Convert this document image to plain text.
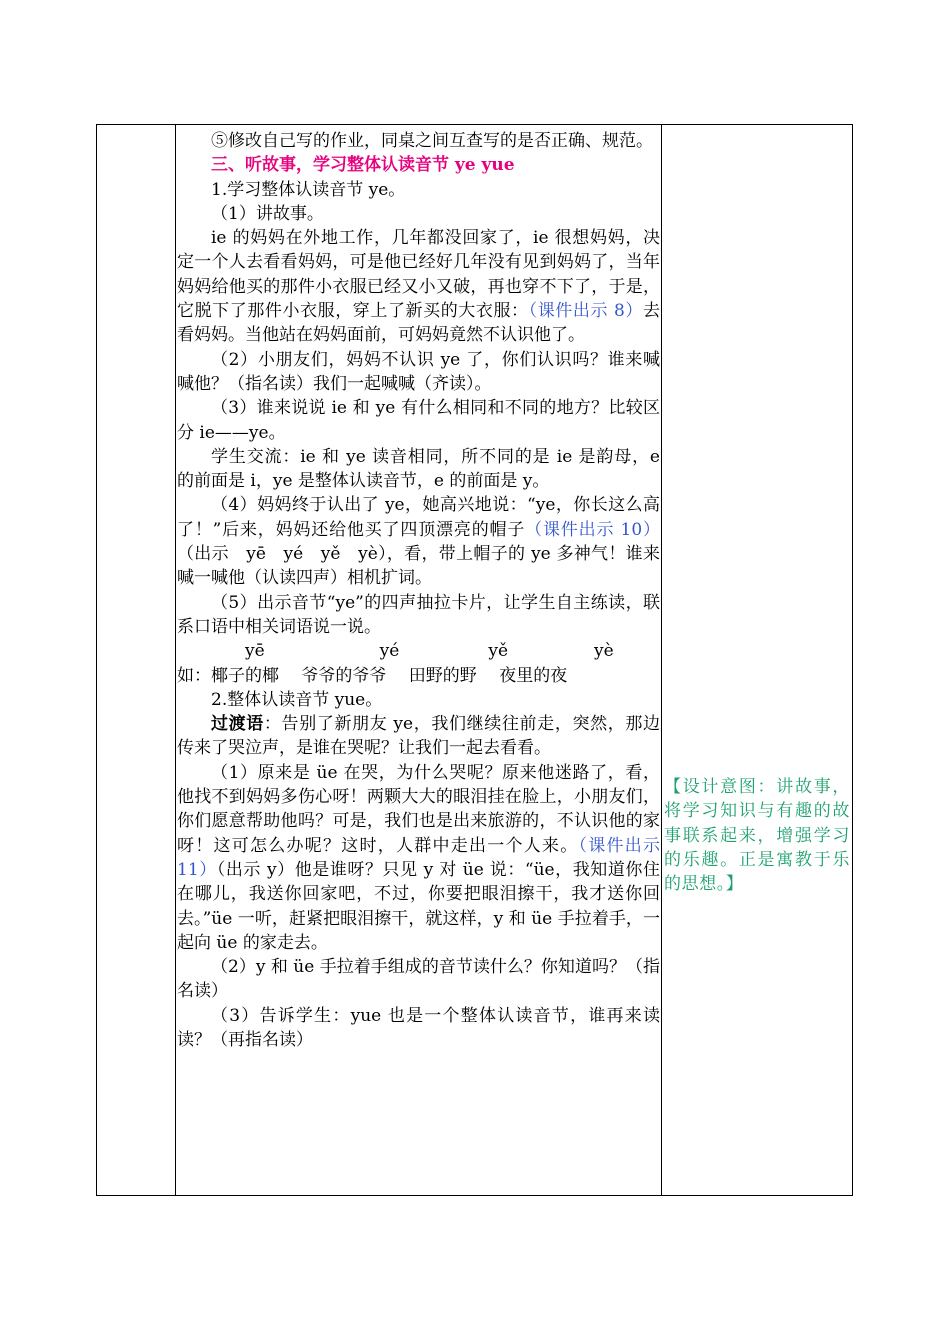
⑤修改自己写的作业，同桌之间互查写的是否正确、规范。

三、听故事，学习整体认读音节 ye yue

1.学习整体认读音节 ye。

（1）讲故事。

ie 的妈妈在外地工作，几年都没回家了，ie 很想妈妈，决定一个人去看看妈妈，可是他已经好几年没有见到妈妈了，当年妈妈给他买的那件小衣服已经又小又破，再也穿不下了，于是，它脱下了那件小衣服，穿上了新买的大衣服：（课件出示 8）去看妈妈。当他站在妈妈面前，可妈妈竟然不认识他了。

（2）小朋友们，妈妈不认识 ye 了，你们认识吗？谁来喊喊他？（指名读）我们一起喊喊（齐读）。

（3）谁来说说 ie 和 ye 有什么相同和不同的地方？比较区分 ie——ye。

学生交流：ie 和 ye 读音相同，所不同的是 ie 是韵母，e 的前面是 i，ye 是整体认读音节，e 的前面是 y。

（4）妈妈终于认出了 ye，她高兴地说：“ye，你长这么高了！”后来，妈妈还给他买了四顶漂亮的帽子（课件出示 10）（出示　yē　yé　yě　yè），看，带上帽子的 ye 多神气！谁来喊一喊他（认读四声）相机扩词。

（5）出示音节“ye”的四声抽拉卡片，让学生自主练读，联系口语中相关词语说一说。

yē	yé	yě	yè

如：椰子的椰　 爷爷的爷爷　 田野的野　 夜里的夜

2.整体认读音节 yue。

过渡语：告别了新朋友 ye，我们继续往前走，突然，那边传来了哭泣声，是谁在哭呢？让我们一起去看看。

（1）原来是 üe 在哭，为什么哭呢？原来他迷路了，看，他找不到妈妈多伤心呀！两颗大大的眼泪挂在脸上，小朋友们，你们愿意帮助他吗？可是，我们也是出来旅游的，不认识他的家呀！这可怎么办呢？这时，人群中走出一个人来。（课件出示 11）（出示 y）他是谁呀？只见 y 对 üe 说：“üe，我知道你住在哪儿，我送你回家吧，不过，你要把眼泪擦干，我才送你回去。”üe 一听，赶紧把眼泪擦干，就这样，y 和 üe 手拉着手，一起向 üe 的家走去。

（2）y 和 üe 手拉着手组成的音节读什么？你知道吗？（指名读）

（3）告诉学生：yue 也是一个整体认读音节，谁再来读读？（再指名读）

【设计意图：讲故事，将学习知识与有趣的故事联系起来，增强学习的乐趣。正是寓教于乐的思想。】
